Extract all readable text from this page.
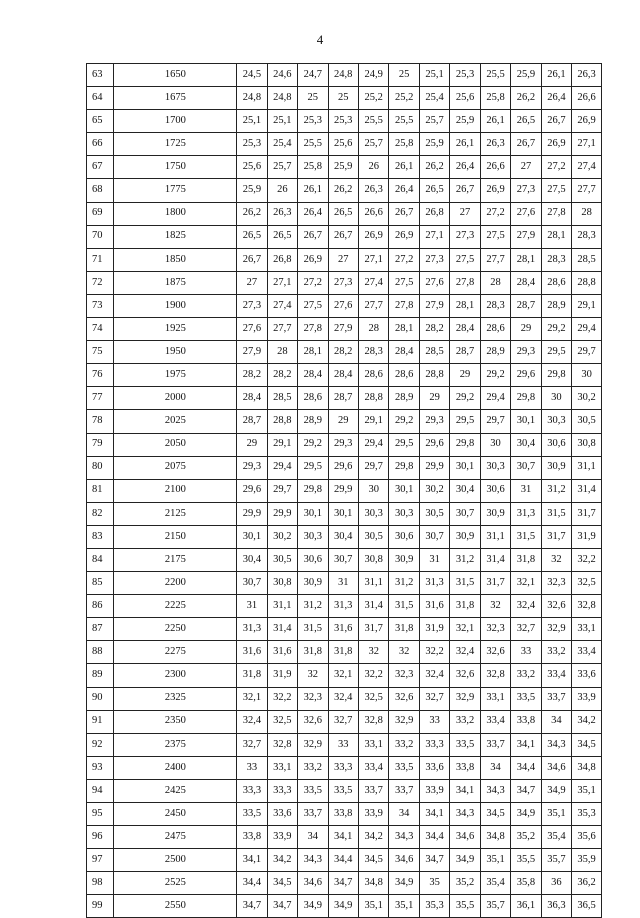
4
63	1650	24,5	24,6	24,7	24,8	24,9	25	25,1	25,3	25,5	25,9	26,1	26,3
64	1675	24,8	24,8	25	25	25,2	25,2	25,4	25,6	25,8	26,2	26,4	26,6
65	1700	25,1	25,1	25,3	25,3	25,5	25,5	25,7	25,9	26,1	26,5	26,7	26,9
66	1725	25,3	25,4	25,5	25,6	25,7	25,8	25,9	26,1	26,3	26,7	26,9	27,1
67	1750	25,6	25,7	25,8	25,9	26	26,1	26,2	26,4	26,6	27	27,2	27,4
68	1775	25,9	26	26,1	26,2	26,3	26,4	26,5	26,7	26,9	27,3	27,5	27,7
69	1800	26,2	26,3	26,4	26,5	26,6	26,7	26,8	27	27,2	27,6	27,8	28
70	1825	26,5	26,5	26,7	26,7	26,9	26,9	27,1	27,3	27,5	27,9	28,1	28,3
71	1850	26,7	26,8	26,9	27	27,1	27,2	27,3	27,5	27,7	28,1	28,3	28,5
72	1875	27	27,1	27,2	27,3	27,4	27,5	27,6	27,8	28	28,4	28,6	28,8
73	1900	27,3	27,4	27,5	27,6	27,7	27,8	27,9	28,1	28,3	28,7	28,9	29,1
74	1925	27,6	27,7	27,8	27,9	28	28,1	28,2	28,4	28,6	29	29,2	29,4
75	1950	27,9	28	28,1	28,2	28,3	28,4	28,5	28,7	28,9	29,3	29,5	29,7
76	1975	28,2	28,2	28,4	28,4	28,6	28,6	28,8	29	29,2	29,6	29,8	30
77	2000	28,4	28,5	28,6	28,7	28,8	28,9	29	29,2	29,4	29,8	30	30,2
78	2025	28,7	28,8	28,9	29	29,1	29,2	29,3	29,5	29,7	30,1	30,3	30,5
79	2050	29	29,1	29,2	29,3	29,4	29,5	29,6	29,8	30	30,4	30,6	30,8
80	2075	29,3	29,4	29,5	29,6	29,7	29,8	29,9	30,1	30,3	30,7	30,9	31,1
81	2100	29,6	29,7	29,8	29,9	30	30,1	30,2	30,4	30,6	31	31,2	31,4
82	2125	29,9	29,9	30,1	30,1	30,3	30,3	30,5	30,7	30,9	31,3	31,5	31,7
83	2150	30,1	30,2	30,3	30,4	30,5	30,6	30,7	30,9	31,1	31,5	31,7	31,9
84	2175	30,4	30,5	30,6	30,7	30,8	30,9	31	31,2	31,4	31,8	32	32,2
85	2200	30,7	30,8	30,9	31	31,1	31,2	31,3	31,5	31,7	32,1	32,3	32,5
86	2225	31	31,1	31,2	31,3	31,4	31,5	31,6	31,8	32	32,4	32,6	32,8
87	2250	31,3	31,4	31,5	31,6	31,7	31,8	31,9	32,1	32,3	32,7	32,9	33,1
88	2275	31,6	31,6	31,8	31,8	32	32	32,2	32,4	32,6	33	33,2	33,4
89	2300	31,8	31,9	32	32,1	32,2	32,3	32,4	32,6	32,8	33,2	33,4	33,6
90	2325	32,1	32,2	32,3	32,4	32,5	32,6	32,7	32,9	33,1	33,5	33,7	33,9
91	2350	32,4	32,5	32,6	32,7	32,8	32,9	33	33,2	33,4	33,8	34	34,2
92	2375	32,7	32,8	32,9	33	33,1	33,2	33,3	33,5	33,7	34,1	34,3	34,5
93	2400	33	33,1	33,2	33,3	33,4	33,5	33,6	33,8	34	34,4	34,6	34,8
94	2425	33,3	33,3	33,5	33,5	33,7	33,7	33,9	34,1	34,3	34,7	34,9	35,1
95	2450	33,5	33,6	33,7	33,8	33,9	34	34,1	34,3	34,5	34,9	35,1	35,3
96	2475	33,8	33,9	34	34,1	34,2	34,3	34,4	34,6	34,8	35,2	35,4	35,6
97	2500	34,1	34,2	34,3	34,4	34,5	34,6	34,7	34,9	35,1	35,5	35,7	35,9
98	2525	34,4	34,5	34,6	34,7	34,8	34,9	35	35,2	35,4	35,8	36	36,2
99	2550	34,7	34,7	34,9	34,9	35,1	35,1	35,3	35,5	35,7	36,1	36,3	36,5
